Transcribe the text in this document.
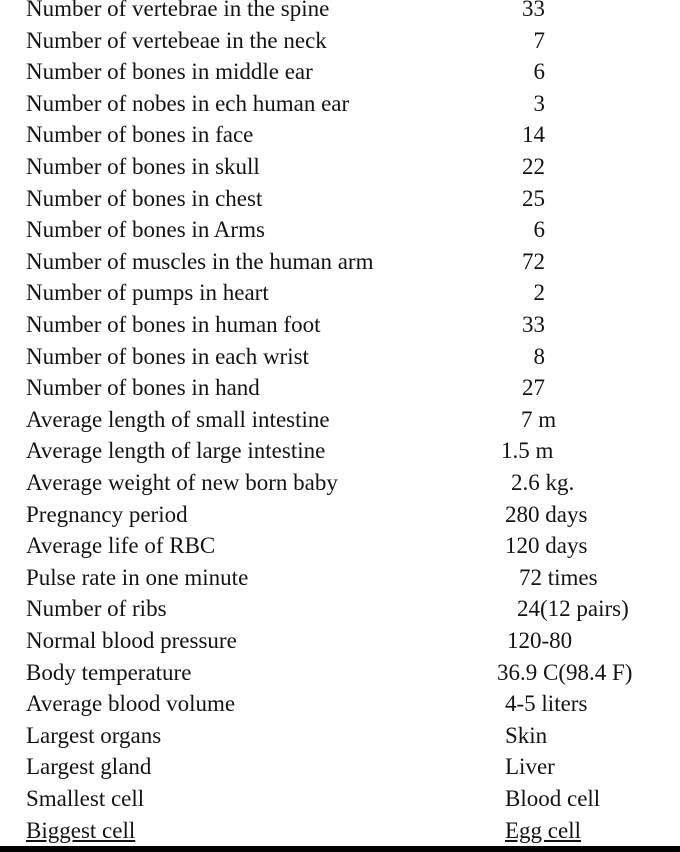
Number of vertebrae in the spine	33
Number of vertebeae in the neck	7
Number of bones in middle ear	6
Number of nobes in ech human ear	3
Number of bones in face	14
Number of bones in skull	22
Number of bones in chest	25
Number of bones in Arms	6
Number of muscles in the human arm	72
Number of pumps in heart	2
Number of bones in human foot	33
Number of bones in each wrist	8
Number of bones in hand	27
Average length of small intestine	7 m
Average length of large intestine	1.5 m
Average weight of new born baby	2.6 kg.
Pregnancy period	280 days
Average life of RBC	120 days
Pulse rate in one minute	72 times
Number of ribs	24(12 pairs)
Normal blood pressure	120-80
Body temperature	36.9 C(98.4 F)
Average blood volume	4-5 liters
Largest organs	Skin
Largest gland	Liver
Smallest cell	Blood cell
Biggest cell	Egg cell
